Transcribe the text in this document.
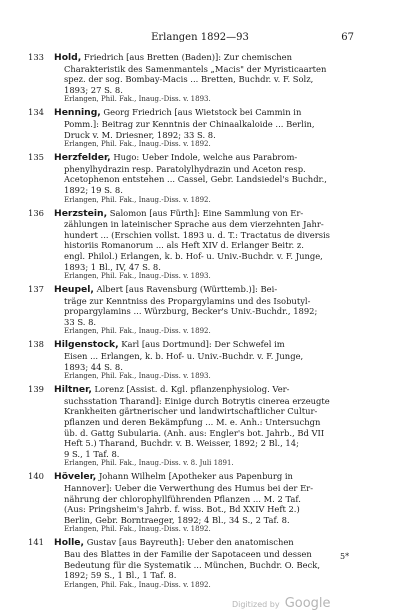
Erlangen 1892—93	67
133 Hold, Friedrich [aus Bretten (Baden)]: Zur chemischen
Charakteristik des Samenmantels „Macis" der Myristicaarten
spez. der sog. Bombay-Macis ... Bretten, Buchdr. v. F. Solz,
1893; 27 S. 8.
Erlangen, Phil. Fak., Inaug.-Diss. v. 1893.
134 Henning, Georg Friedrich [aus Wietstock bei Cammin in
Pomm.]: Beitrag zur Kenntnis der Chinaalkaloide ... Berlin,
Druck v. M. Driesner, 1892; 33 S. 8.
Erlangen, Phil. Fak., Inaug.-Diss. v. 1892.
135 Herzfelder, Hugo: Ueber Indole, welche aus Parabrom-
phenylhydrazin resp. Paratolylhydrazin und Aceton resp.
Acetophenon entstehen ... Cassel, Gebr. Landsiedel's Buchdr.,
1892; 19 S. 8.
Erlangen, Phil. Fak., Inaug.-Diss. v. 1892.
136 Herzstein, Salomon [aus Fürth]: Eine Sammlung von Er-
zählungen in lateinischer Sprache aus dem vierzehnten Jahr-
hundert ... (Erschien vollst. 1893 u. d. T.: Tractatus de diversis
historiis Romanorum ... als Heft XIV d. Erlanger Beitr. z.
engl. Philol.) Erlangen, k. b. Hof- u. Univ.-Buchdr. v. F. Junge,
1893; 1 Bl., IV, 47 S. 8.
Erlangen, Phil. Fak., Inaug.-Diss. v. 1893.
137 Heupel, Albert [aus Ravensburg (Württemb.)]: Bei-
träge zur Kenntniss des Propargylamins und des Isobutyl-
propargylamins ... Würzburg, Becker's Univ.-Buchdr., 1892;
33 S. 8.
Erlangen, Phil. Fak., Inaug.-Diss. v. 1892.
138 Hilgenstock, Karl [aus Dortmund]: Der Schwefel im
Eisen ... Erlangen, k. b. Hof- u. Univ.-Buchdr. v. F. Junge,
1893; 44 S. 8.
Erlangen, Phil. Fak., Inaug.-Diss. v. 1893.
139 Hiltner, Lorenz [Assist. d. Kgl. pflanzenphysiolog. Ver-
suchsstation Tharand]: Einige durch Botrytis cinerea erzeugte
Krankheiten gärtnerischer und landwirtschaftlicher Cultur-
pflanzen und deren Bekämpfung ... M. e. Anh.: Untersuchgn
üb. d. Gattg Subularia. (Anh. aus: Engler's bot. Jahrb., Bd VII
Heft 5.) Tharand, Buchdr. v. B. Weisser, 1892; 2 Bl., 14;
9 S., 1 Taf. 8.
Erlangen, Phil. Fak., Inaug.-Diss. v. 8. Juli 1891.
140 Höveler, Johann Wilhelm [Apotheker aus Papenburg in
Hannover]: Ueber die Verwerthung des Humus bei der Er-
nährung der chlorophyllführenden Pflanzen ... M. 2 Taf.
(Aus: Pringsheim's Jahrb. f. wiss. Bot., Bd XXIV Heft 2.)
Berlin, Gebr. Borntraeger, 1892; 4 Bl., 34 S., 2 Taf. 8.
Erlangen, Phil. Fak., Inaug.-Diss. v. 1892.
141 Holle, Gustav [aus Bayreuth]: Ueber den anatomischen
Bau des Blattes in der Familie der Sapotaceen und dessen
Bedeutung für die Systematik ... München, Buchdr. O. Beck,
1892; 59 S., 1 Bl., 1 Taf. 8.
Erlangen, Phil. Fak., Inaug.-Diss. v. 1892.
5*
Digitized by Google
